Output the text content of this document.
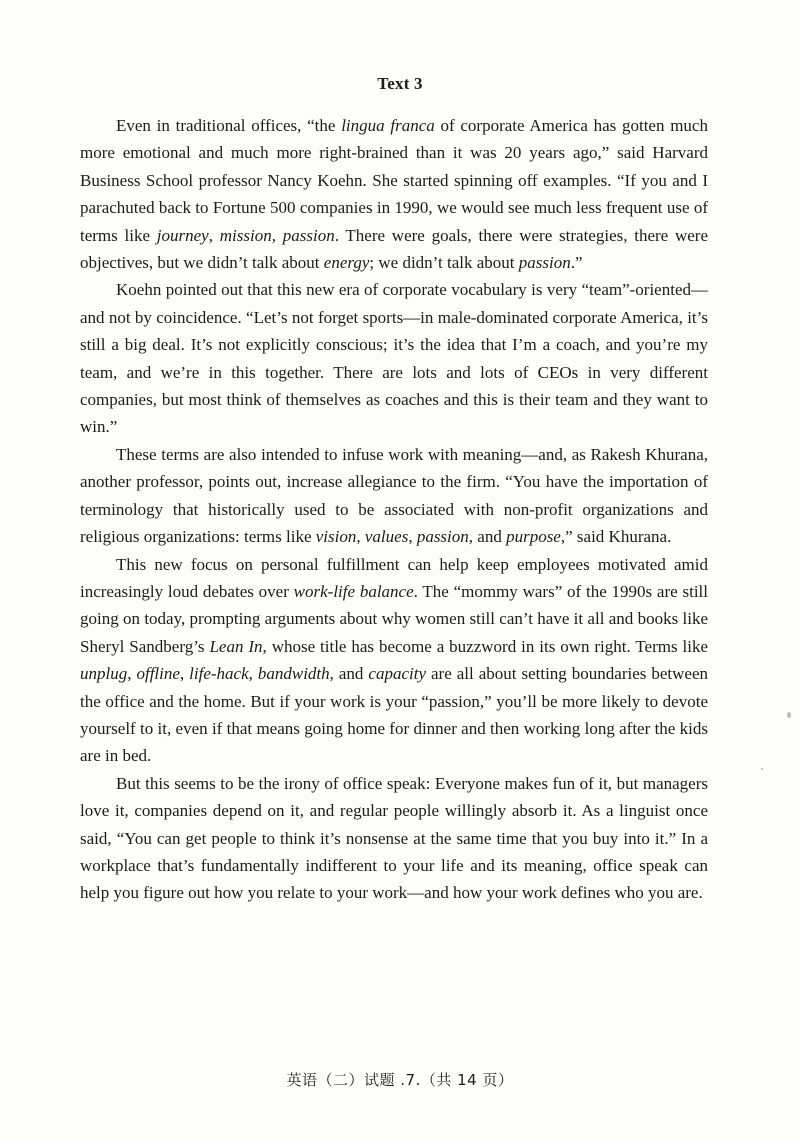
Text 3

Even in traditional offices, “the lingua franca of corporate America has gotten much more emotional and much more right-brained than it was 20 years ago,” said Harvard Business School professor Nancy Koehn. She started spinning off examples. “If you and I parachuted back to Fortune 500 companies in 1990, we would see much less frequent use of terms like journey, mission, passion. There were goals, there were strategies, there were objectives, but we didn’t talk about energy; we didn’t talk about passion.”

Koehn pointed out that this new era of corporate vocabulary is very “team”-oriented—and not by coincidence. “Let’s not forget sports—in male-dominated corporate America, it’s still a big deal. It’s not explicitly conscious; it’s the idea that I’m a coach, and you’re my team, and we’re in this together. There are lots and lots of CEOs in very different companies, but most think of themselves as coaches and this is their team and they want to win.”

These terms are also intended to infuse work with meaning—and, as Rakesh Khurana, another professor, points out, increase allegiance to the firm. “You have the importation of terminology that historically used to be associated with non-profit organizations and religious organizations: terms like vision, values, passion, and purpose,” said Khurana.

This new focus on personal fulfillment can help keep employees motivated amid increasingly loud debates over work-life balance. The “mommy wars” of the 1990s are still going on today, prompting arguments about why women still can’t have it all and books like Sheryl Sandberg’s Lean In, whose title has become a buzzword in its own right. Terms like unplug, offline, life-hack, bandwidth, and capacity are all about setting boundaries between the office and the home. But if your work is your “passion,” you’ll be more likely to devote yourself to it, even if that means going home for dinner and then working long after the kids are in bed.

But this seems to be the irony of office speak: Everyone makes fun of it, but managers love it, companies depend on it, and regular people willingly absorb it. As a linguist once said, “You can get people to think it’s nonsense at the same time that you buy into it.” In a workplace that’s fundamentally indifferent to your life and its meaning, office speak can help you figure out how you relate to your work—and how your work defines who you are.

英语（二）试题 .7.（共 14 页）
